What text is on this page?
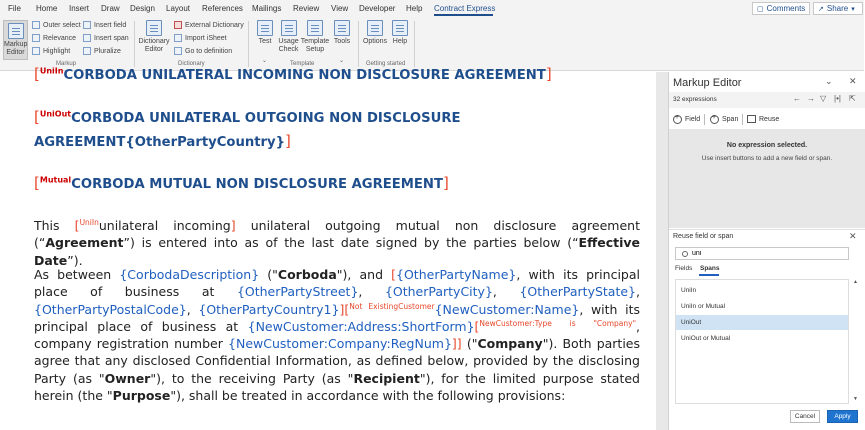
File Home Insert Draw Design Layout References Mailings Review View Developer Help Contract Express	▢ Comments ↗ Share ▾
Markup Editor
Outer select
Relevance
Highlight
Insert field
Insert span
Pluralize
Markup
Dictionary Editor
External Dictionary
Import iSheet
Go to definition
Dictionary
Test
⌄
Usage Check
Template Setup
Tools
⌄
Template
Options Help
Getting started
[$^{UniIn}$CORBODA UNILATERAL INCOMING NON DISCLOSURE AGREEMENT]
[$^{UniOut}$CORBODA UNILATERAL OUTGOING NON DISCLOSURE AGREEMENT{OtherPartyCountry}]
[$^{Mutual}$CORBODA MUTUAL NON DISCLOSURE AGREEMENT]
This [$^{UniIn}$unilateral incoming] unilateral outgoing mutual non disclosure agreement (“Agreement”) is entered into as of the last date signed by the parties below (“Effective Date”).
As between {CorbodaDescription} ("Corboda"), and [{OtherPartyName}, with its principal place of business at {OtherPartyStreet}, {OtherPartyCity}, {OtherPartyState}, {OtherPartyPostalCode}, {OtherPartyCountry1}][$^{Not ExistingCustomer}${NewCustomer:Name}, with its principal place of business at {NewCustomer:Address:ShortForm}[$^{NewCustomer:Type is "Company"}$, company registration number {NewCustomer:Company:RegNum}]] ("Company"). Both parties agree that any disclosed Confidential Information, as defined below, provided by the disclosing Party (as "Owner"), to the receiving Party (as "Recipient"), for the limited purpose stated herein (the "Purpose"), shall be treated in accordance with the following provisions:
Markup Editor	⌄ ✕
32 expressions	← → ▽ |•| ⇱
+
Field
+	Span	Reuse
No expression selected.
Use insert buttons to add a new field or span.
Reuse field or span	✕
uni
Fields Spans
UniIn
UniIn or Mutual
UniOut
UniOut or Mutual
▲
▼
Cancel	Apply
